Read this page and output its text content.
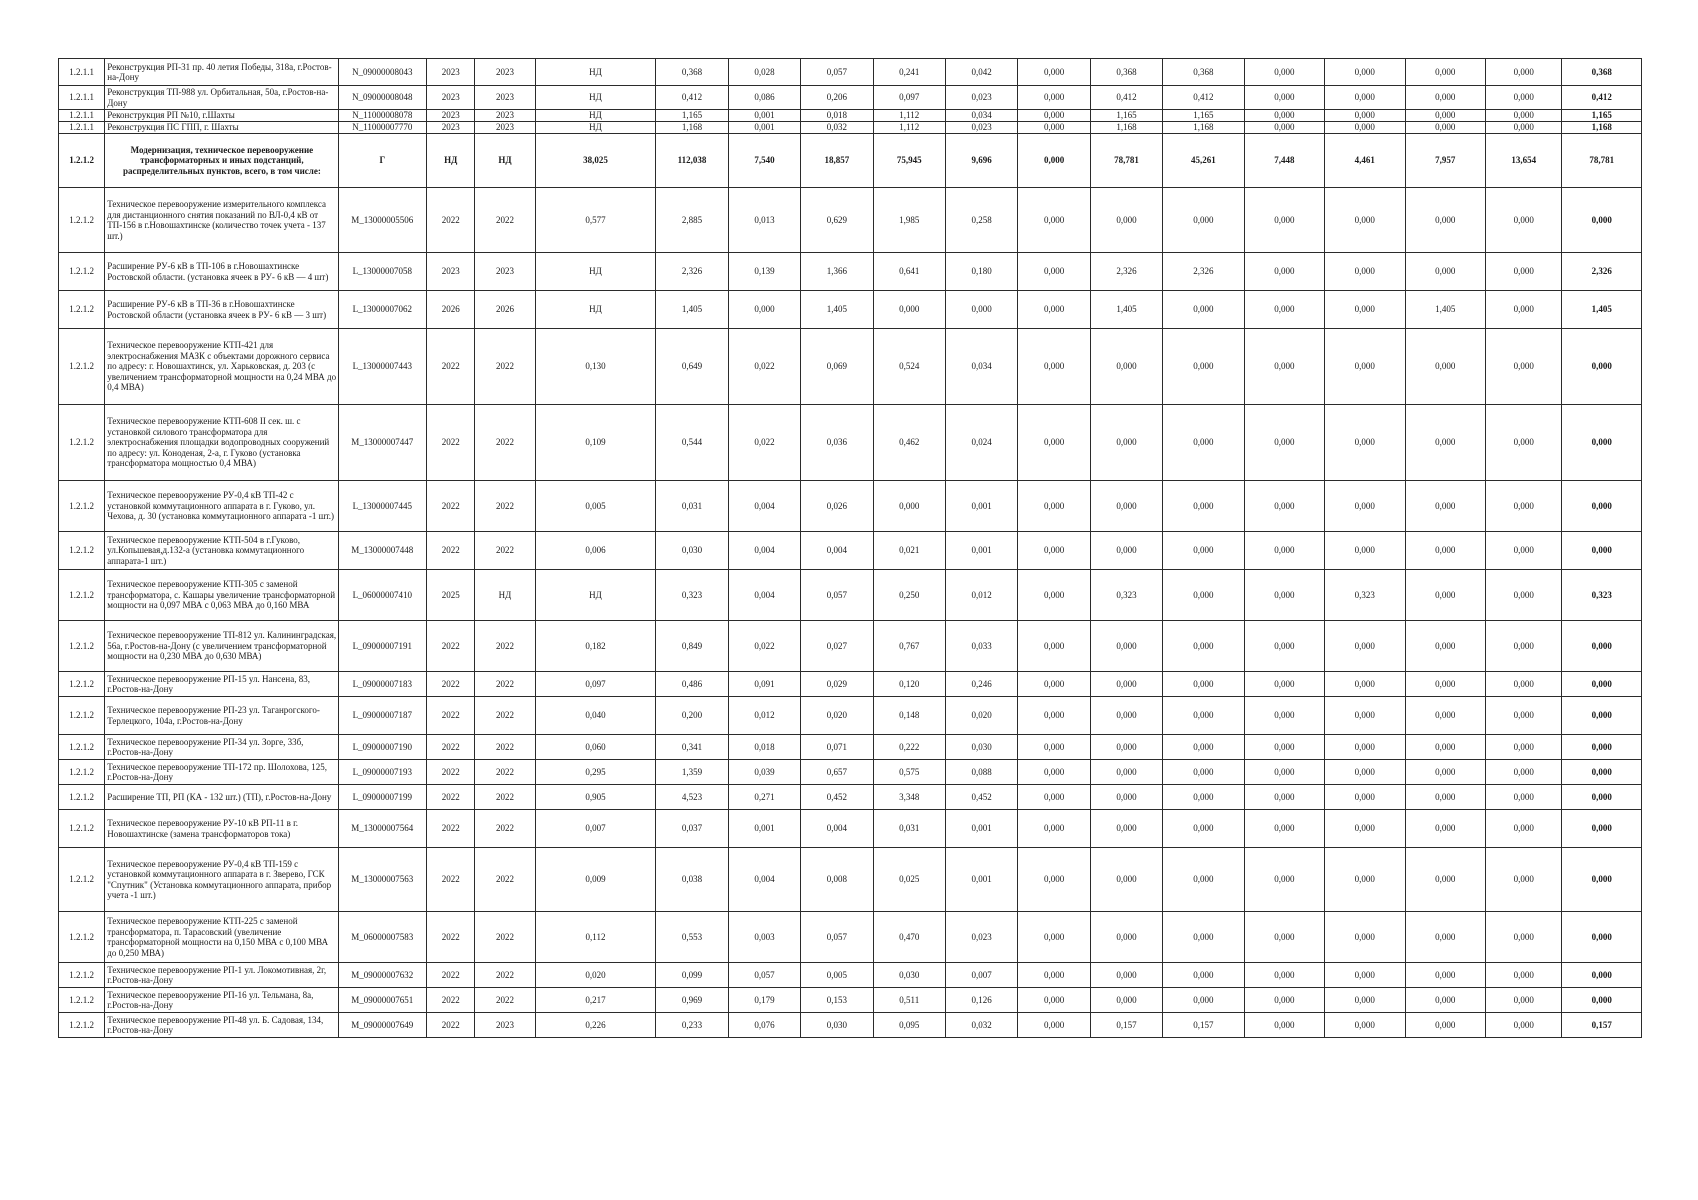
1.2.1.1	Реконструкция РП-31 пр. 40 летия Победы, 318а, г.Ростов-на-Дону	N_09000008043	2023	2023	НД	0,368	0,028	0,057	0,241	0,042	0,000	0,368	0,368	0,000	0,000	0,000	0,000	0,368
1.2.1.1	Реконструкция ТП-988 ул. Орбитальная, 50а, г.Ростов-на-Дону	N_09000008048	2023	2023	НД	0,412	0,086	0,206	0,097	0,023	0,000	0,412	0,412	0,000	0,000	0,000	0,000	0,412
1.2.1.1	Реконструкция РП №10, г.Шахты	N_11000008078	2023	2023	НД	1,165	0,001	0,018	1,112	0,034	0,000	1,165	1,165	0,000	0,000	0,000	0,000	1,165
1.2.1.1	Реконструкция ПС ГПП, г. Шахты	N_11000007770	2023	2023	НД	1,168	0,001	0,032	1,112	0,023	0,000	1,168	1,168	0,000	0,000	0,000	0,000	1,168
1.2.1.2	Модернизация, техническое перевооружение трансформаторных и иных подстанций, распределительных пунктов, всего, в том числе:	Г	НД	НД	38,025	112,038	7,540	18,857	75,945	9,696	0,000	78,781	45,261	7,448	4,461	7,957	13,654	78,781
1.2.1.2	Техническое перевооружение измерительного комплекса для дистанционного снятия показаний по ВЛ-0,4 кВ от ТП-156 в г.Новошахтинске (количество точек учета - 137 шт.)	M_13000005506	2022	2022	0,577	2,885	0,013	0,629	1,985	0,258	0,000	0,000	0,000	0,000	0,000	0,000	0,000	0,000
1.2.1.2	Расширение РУ-6 кВ в ТП-106 в г.Новошахтинске Ростовской области. (установка ячеек в РУ- 6 кВ — 4 шт)	L_13000007058	2023	2023	НД	2,326	0,139	1,366	0,641	0,180	0,000	2,326	2,326	0,000	0,000	0,000	0,000	2,326
1.2.1.2	Расширение РУ-6 кВ в ТП-36 в г.Новошахтинске Ростовской области (установка ячеек в РУ- 6 кВ — 3 шт)	L_13000007062	2026	2026	НД	1,405	0,000	1,405	0,000	0,000	0,000	1,405	0,000	0,000	0,000	1,405	0,000	1,405
1.2.1.2	Техническое перевооружение КТП-421 для электроснабжения МАЗК с объектами дорожного сервиса по адресу: г. Новошахтинск, ул. Харьковская, д. 203 (с увеличением трансформаторной мощности на 0,24 МВА до 0,4 МВА)	L_13000007443	2022	2022	0,130	0,649	0,022	0,069	0,524	0,034	0,000	0,000	0,000	0,000	0,000	0,000	0,000	0,000
1.2.1.2	Техническое перевооружение КТП-608 II сек. ш. с установкой силового трансформатора для электроснабжения площадки водопроводных сооружений по адресу: ул. Коноденая, 2-а, г. Гуково (установка трансформатора мощностью 0,4 МВА)	M_13000007447	2022	2022	0,109	0,544	0,022	0,036	0,462	0,024	0,000	0,000	0,000	0,000	0,000	0,000	0,000	0,000
1.2.1.2	Техническое перевооружение РУ-0,4 кВ ТП-42 с установкой коммутационного аппарата в г. Гуково, ул. Чехова, д. 30 (установка коммутационного аппарата -1 шт.)	L_13000007445	2022	2022	0,005	0,031	0,004	0,026	0,000	0,001	0,000	0,000	0,000	0,000	0,000	0,000	0,000	0,000
1.2.1.2	Техническое перевооружение КТП-504 в г.Гуково, ул.Копьшевая,д.132-а (установка коммутационного аппарата-1 шт.)	M_13000007448	2022	2022	0,006	0,030	0,004	0,004	0,021	0,001	0,000	0,000	0,000	0,000	0,000	0,000	0,000	0,000
1.2.1.2	Техническое перевооружение КТП-305 с заменой трансформатора, с. Кашары увеличение трансформаторной мощности на 0,097 МВА с 0,063 МВА до 0,160 МВА	L_06000007410	2025	НД	НД	0,323	0,004	0,057	0,250	0,012	0,000	0,323	0,000	0,000	0,323	0,000	0,000	0,323
1.2.1.2	Техническое перевооружение ТП-812 ул. Калининградская, 56а, г.Ростов-на-Дону (с увеличением трансформаторной мощности на 0,230 МВА до 0,630 МВА)	L_09000007191	2022	2022	0,182	0,849	0,022	0,027	0,767	0,033	0,000	0,000	0,000	0,000	0,000	0,000	0,000	0,000
1.2.1.2	Техническое перевооружение РП-15 ул. Нансена, 83, г.Ростов-на-Дону	L_09000007183	2022	2022	0,097	0,486	0,091	0,029	0,120	0,246	0,000	0,000	0,000	0,000	0,000	0,000	0,000	0,000
1.2.1.2	Техническое перевооружение РП-23 ул. Таганрогского-Терлецкого, 104а, г.Ростов-на-Дону	L_09000007187	2022	2022	0,040	0,200	0,012	0,020	0,148	0,020	0,000	0,000	0,000	0,000	0,000	0,000	0,000	0,000
1.2.1.2	Техническое перевооружение РП-34 ул. Зорге, 33б, г.Ростов-на-Дону	L_09000007190	2022	2022	0,060	0,341	0,018	0,071	0,222	0,030	0,000	0,000	0,000	0,000	0,000	0,000	0,000	0,000
1.2.1.2	Техническое перевооружение ТП-172 пр. Шолохова, 125, г.Ростов-на-Дону	L_09000007193	2022	2022	0,295	1,359	0,039	0,657	0,575	0,088	0,000	0,000	0,000	0,000	0,000	0,000	0,000	0,000
1.2.1.2	Расширение ТП, РП (КА - 132 шт.) (ТП), г.Ростов-на-Дону	L_09000007199	2022	2022	0,905	4,523	0,271	0,452	3,348	0,452	0,000	0,000	0,000	0,000	0,000	0,000	0,000	0,000
1.2.1.2	Техническое перевооружение РУ-10 кВ РП-11 в г. Новошахтинске (замена трансформаторов тока)	M_13000007564	2022	2022	0,007	0,037	0,001	0,004	0,031	0,001	0,000	0,000	0,000	0,000	0,000	0,000	0,000	0,000
1.2.1.2	Техническое перевооружение РУ-0,4 кВ ТП-159 с установкой коммутационного аппарата в г. Зверево, ГСК "Спутник" (Установка коммутационного аппарата, прибор учета -1 шт.)	M_13000007563	2022	2022	0,009	0,038	0,004	0,008	0,025	0,001	0,000	0,000	0,000	0,000	0,000	0,000	0,000	0,000
1.2.1.2	Техническое перевооружение КТП-225 с заменой трансформатора, п. Тарасовский (увеличение трансформаторной мощности на 0,150 МВА с 0,100 МВА до 0,250 МВА)	M_06000007583	2022	2022	0,112	0,553	0,003	0,057	0,470	0,023	0,000	0,000	0,000	0,000	0,000	0,000	0,000	0,000
1.2.1.2	Техническое перевооружение РП-1 ул. Локомотивная, 2г, г.Ростов-на-Дону	M_09000007632	2022	2022	0,020	0,099	0,057	0,005	0,030	0,007	0,000	0,000	0,000	0,000	0,000	0,000	0,000	0,000
1.2.1.2	Техническое перевооружение РП-16 ул. Тельмана, 8а, г.Ростов-на-Дону	M_09000007651	2022	2022	0,217	0,969	0,179	0,153	0,511	0,126	0,000	0,000	0,000	0,000	0,000	0,000	0,000	0,000
1.2.1.2	Техническое перевооружение РП-48 ул. Б. Садовая, 134, г.Ростов-на-Дону	M_09000007649	2022	2023	0,226	0,233	0,076	0,030	0,095	0,032	0,000	0,157	0,157	0,000	0,000	0,000	0,000	0,157
